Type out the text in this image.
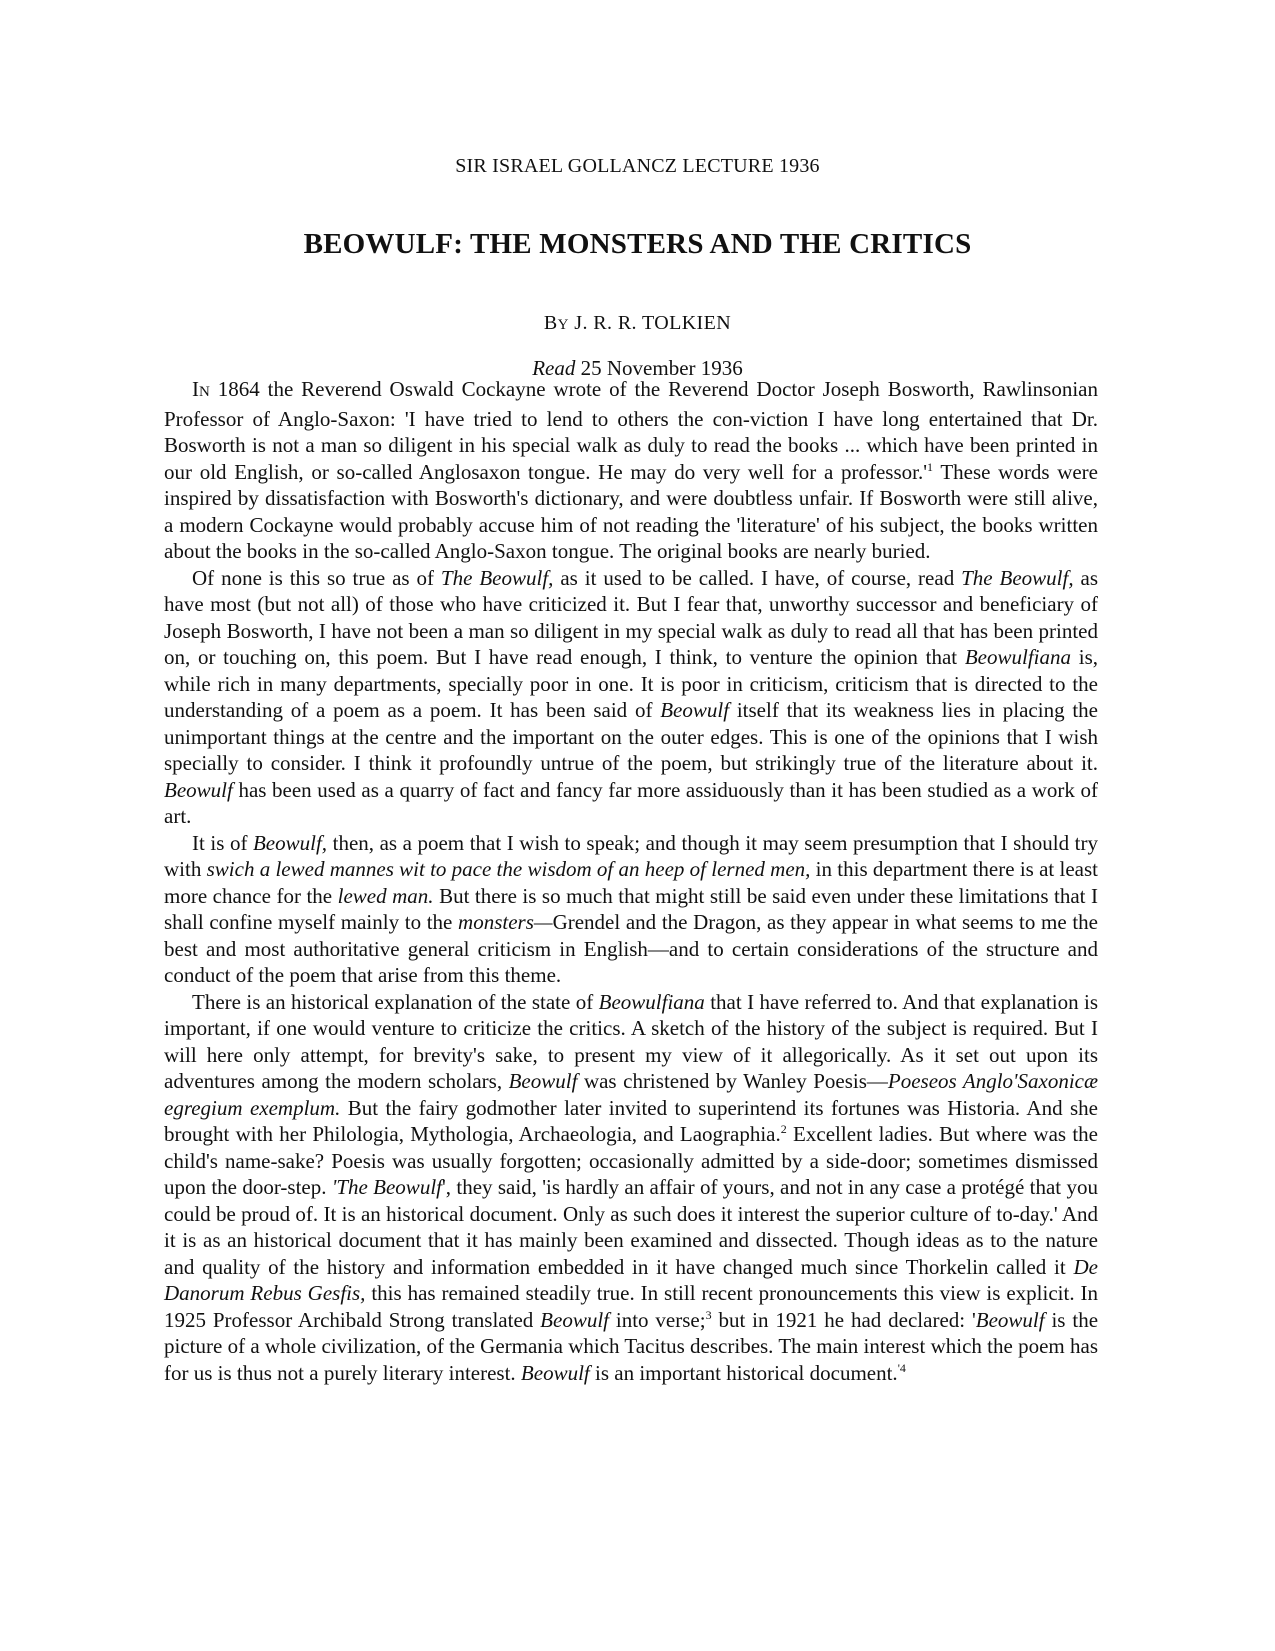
SIR ISRAEL GOLLANCZ LECTURE 1936
BEOWULF: THE MONSTERS AND THE CRITICS
BY J. R. R. TOLKIEN
Read 25 November 1936

IN 1864 the Reverend Oswald Cockayne wrote of the Reverend Doctor Joseph Bosworth, Rawlinsonian Professor of Anglo-Saxon: 'I have tried to lend to others the con-viction I have long entertained that Dr. Bosworth is not a man so diligent in his special walk as duly to read the books ... which have been printed in our old English, or so-called Anglosaxon tongue. He may do very well for a $professor.'^1$ These words were inspired by dissatisfaction with Bosworth's dictionary, and were doubtless unfair. If Bosworth were still alive, a modern Cockayne would probably accuse him of not reading the 'literature' of his subject, the books written about the books in the so-called Anglo-Saxon tongue. The original books are nearly buried.

Of none is this so true as of The Beowulf, as it used to be called. I have, of course, read The Beowulf, as have most (but not all) of those who have criticized it. But I fear that, unworthy successor and beneficiary of Joseph Bosworth, I have not been a man so diligent in my special walk as duly to read all that has been printed on, or touching on, this poem. But I have read enough, I think, to venture the opinion that Beowulfiana is, while rich in many departments, specially poor in one. It is poor in criticism, criticism that is directed to the understanding of a poem as a poem. It has been said of Beowulf itself that its weakness lies in placing the unimportant things at the centre and the important on the outer edges. This is one of the opinions that I wish specially to consider. I think it profoundly untrue of the poem, but strikingly true of the literature about it. Beowulf has been used as a quarry of fact and fancy far more assiduously than it has been studied as a work of art.

It is of Beowulf, then, as a poem that I wish to speak; and though it may seem presumption that I should try with swich a lewed mannes wit to pace the wisdom of an heep of lerned men, in this department there is at least more chance for the lewed man. But there is so much that might still be said even under these limitations that I shall confine myself mainly to the monsters—Grendel and the Dragon, as they appear in what seems to me the best and most authoritative general criticism in English—and to certain considerations of the structure and conduct of the poem that arise from this theme.

There is an historical explanation of the state of Beowulfiana that I have referred to. And that explanation is important, if one would venture to criticize the critics. A sketch of the history of the subject is required. But I will here only attempt, for brevity's sake, to present my view of it allegorically. As it set out upon its adventures among the modern scholars, Beowulf was christened by Wanley Poesis—Poeseos Anglo'Saxonicæ egregium exemplum. But the fairy godmother later invited to superintend its fortunes was Historia. And she brought with her Philologia, Mythologia, Archaeologia, and Laographia.$^2$ Excellent ladies. But where was the child's name-sake? Poesis was usually forgotten; occasionally admitted by a side-door; sometimes dismissed upon the door-step. 'The Beowulf', they said, 'is hardly an affair of yours, and not in any case a protégé that you could be proud of. It is an historical document. Only as such does it interest the superior culture of to-day.' And it is as an historical document that it has mainly been examined and dissected. Though ideas as to the nature and quality of the history and information embedded in it have changed much since Thorkelin called it De Danorum Rebus Gesfis, this has remained steadily true. In still recent pronouncements this view is explicit. In 1925 Professor Archibald Strong translated Beowulf into verse;$^3$ but in 1921 he had declared: 'Beowulf is the picture of a whole civilization, of the Germania which Tacitus describes. The main interest which the poem has for us is thus not a purely literary interest. Beowulf is an important historical document.$^{'4}$
